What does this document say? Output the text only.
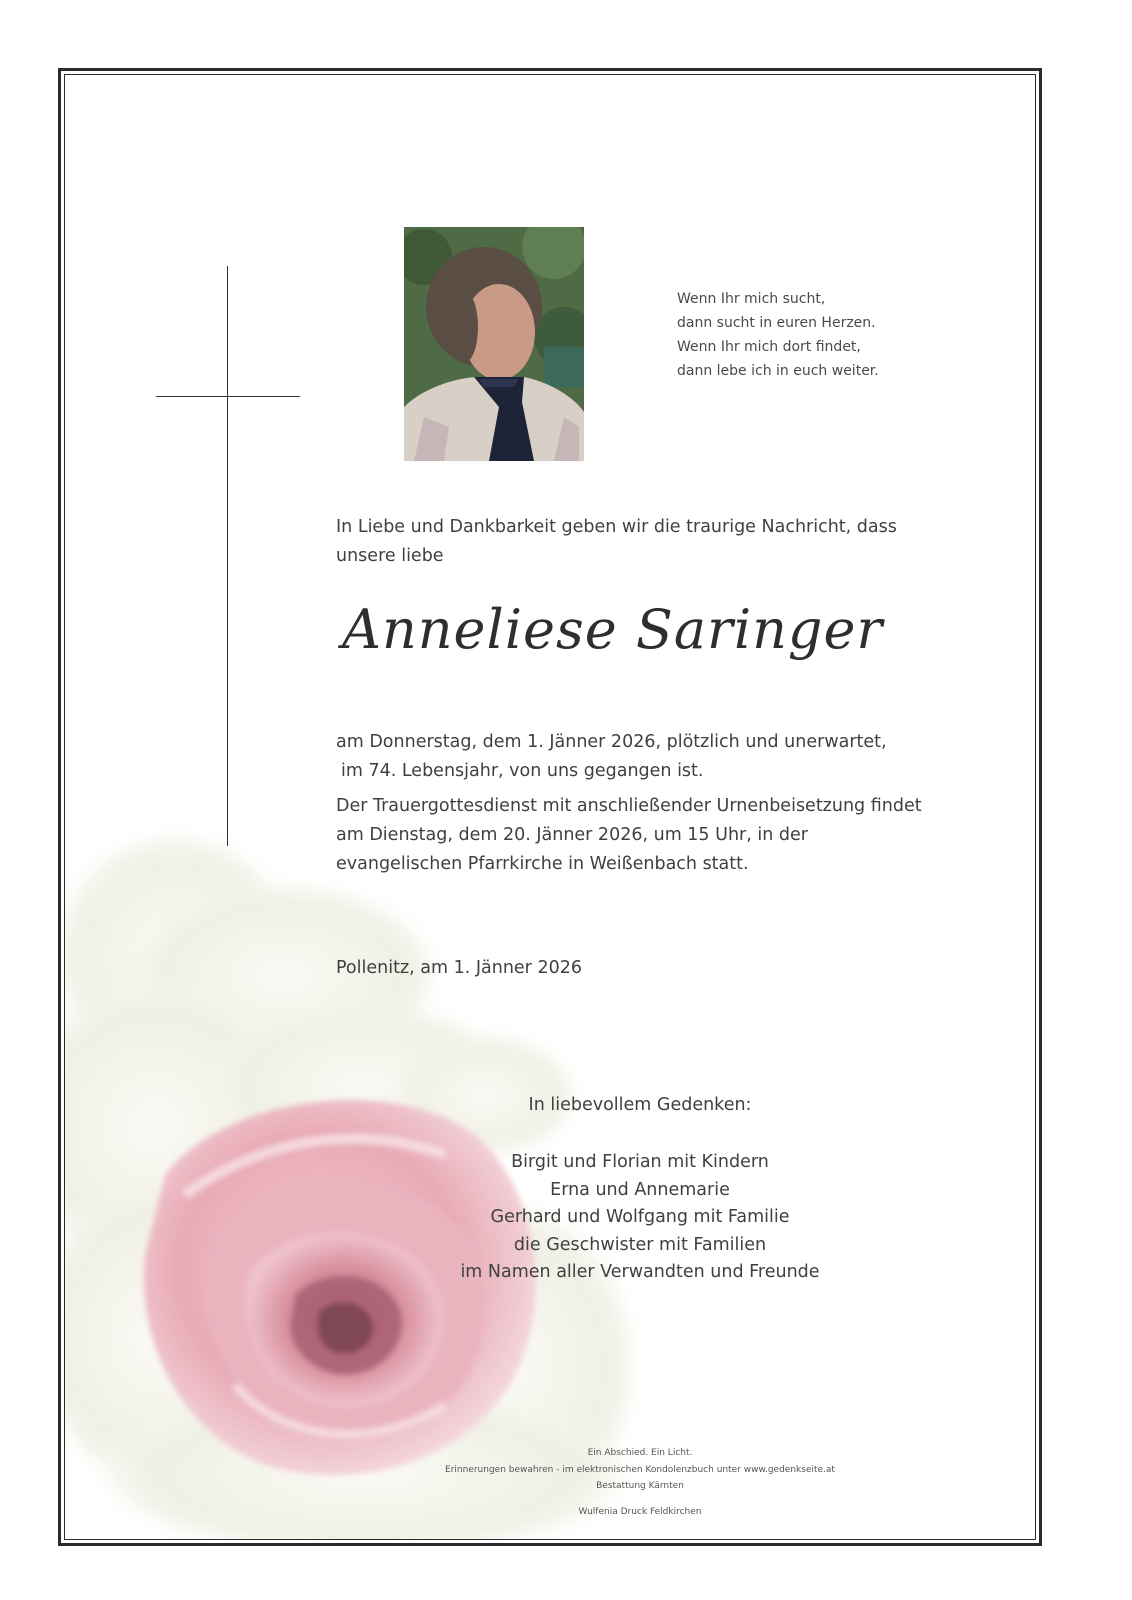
Wenn Ihr mich sucht,
dann sucht in euren Herzen.
Wenn Ihr mich dort findet,
dann lebe ich in euch weiter.

In Liebe und Dankbarkeit geben wir die traurige Nachricht, dass unsere liebe

Anneliese Saringer
am Donnerstag, dem 1. Jänner 2026, plötzlich und unerwartet,
im 74. Lebensjahr, von uns gegangen ist.

Der Trauergottesdienst mit anschließender Urnenbeisetzung findet am Dienstag, dem 20. Jänner 2026, um 15 Uhr, in der evangelischen Pfarrkirche in Weißenbach statt.

Pollenitz, am 1. Jänner 2026
In liebevollem Gedenken:
Birgit und Florian mit Kindern
Erna und Annemarie
Gerhard und Wolfgang mit Familie
die Geschwister mit Familien
im Namen aller Verwandten und Freunde
Ein Abschied. Ein Licht.
Erinnerungen bewahren - im elektronischen Kondolenzbuch unter www.gedenkseite.at
Bestattung Kärnten
Wulfenia Druck Feldkirchen
